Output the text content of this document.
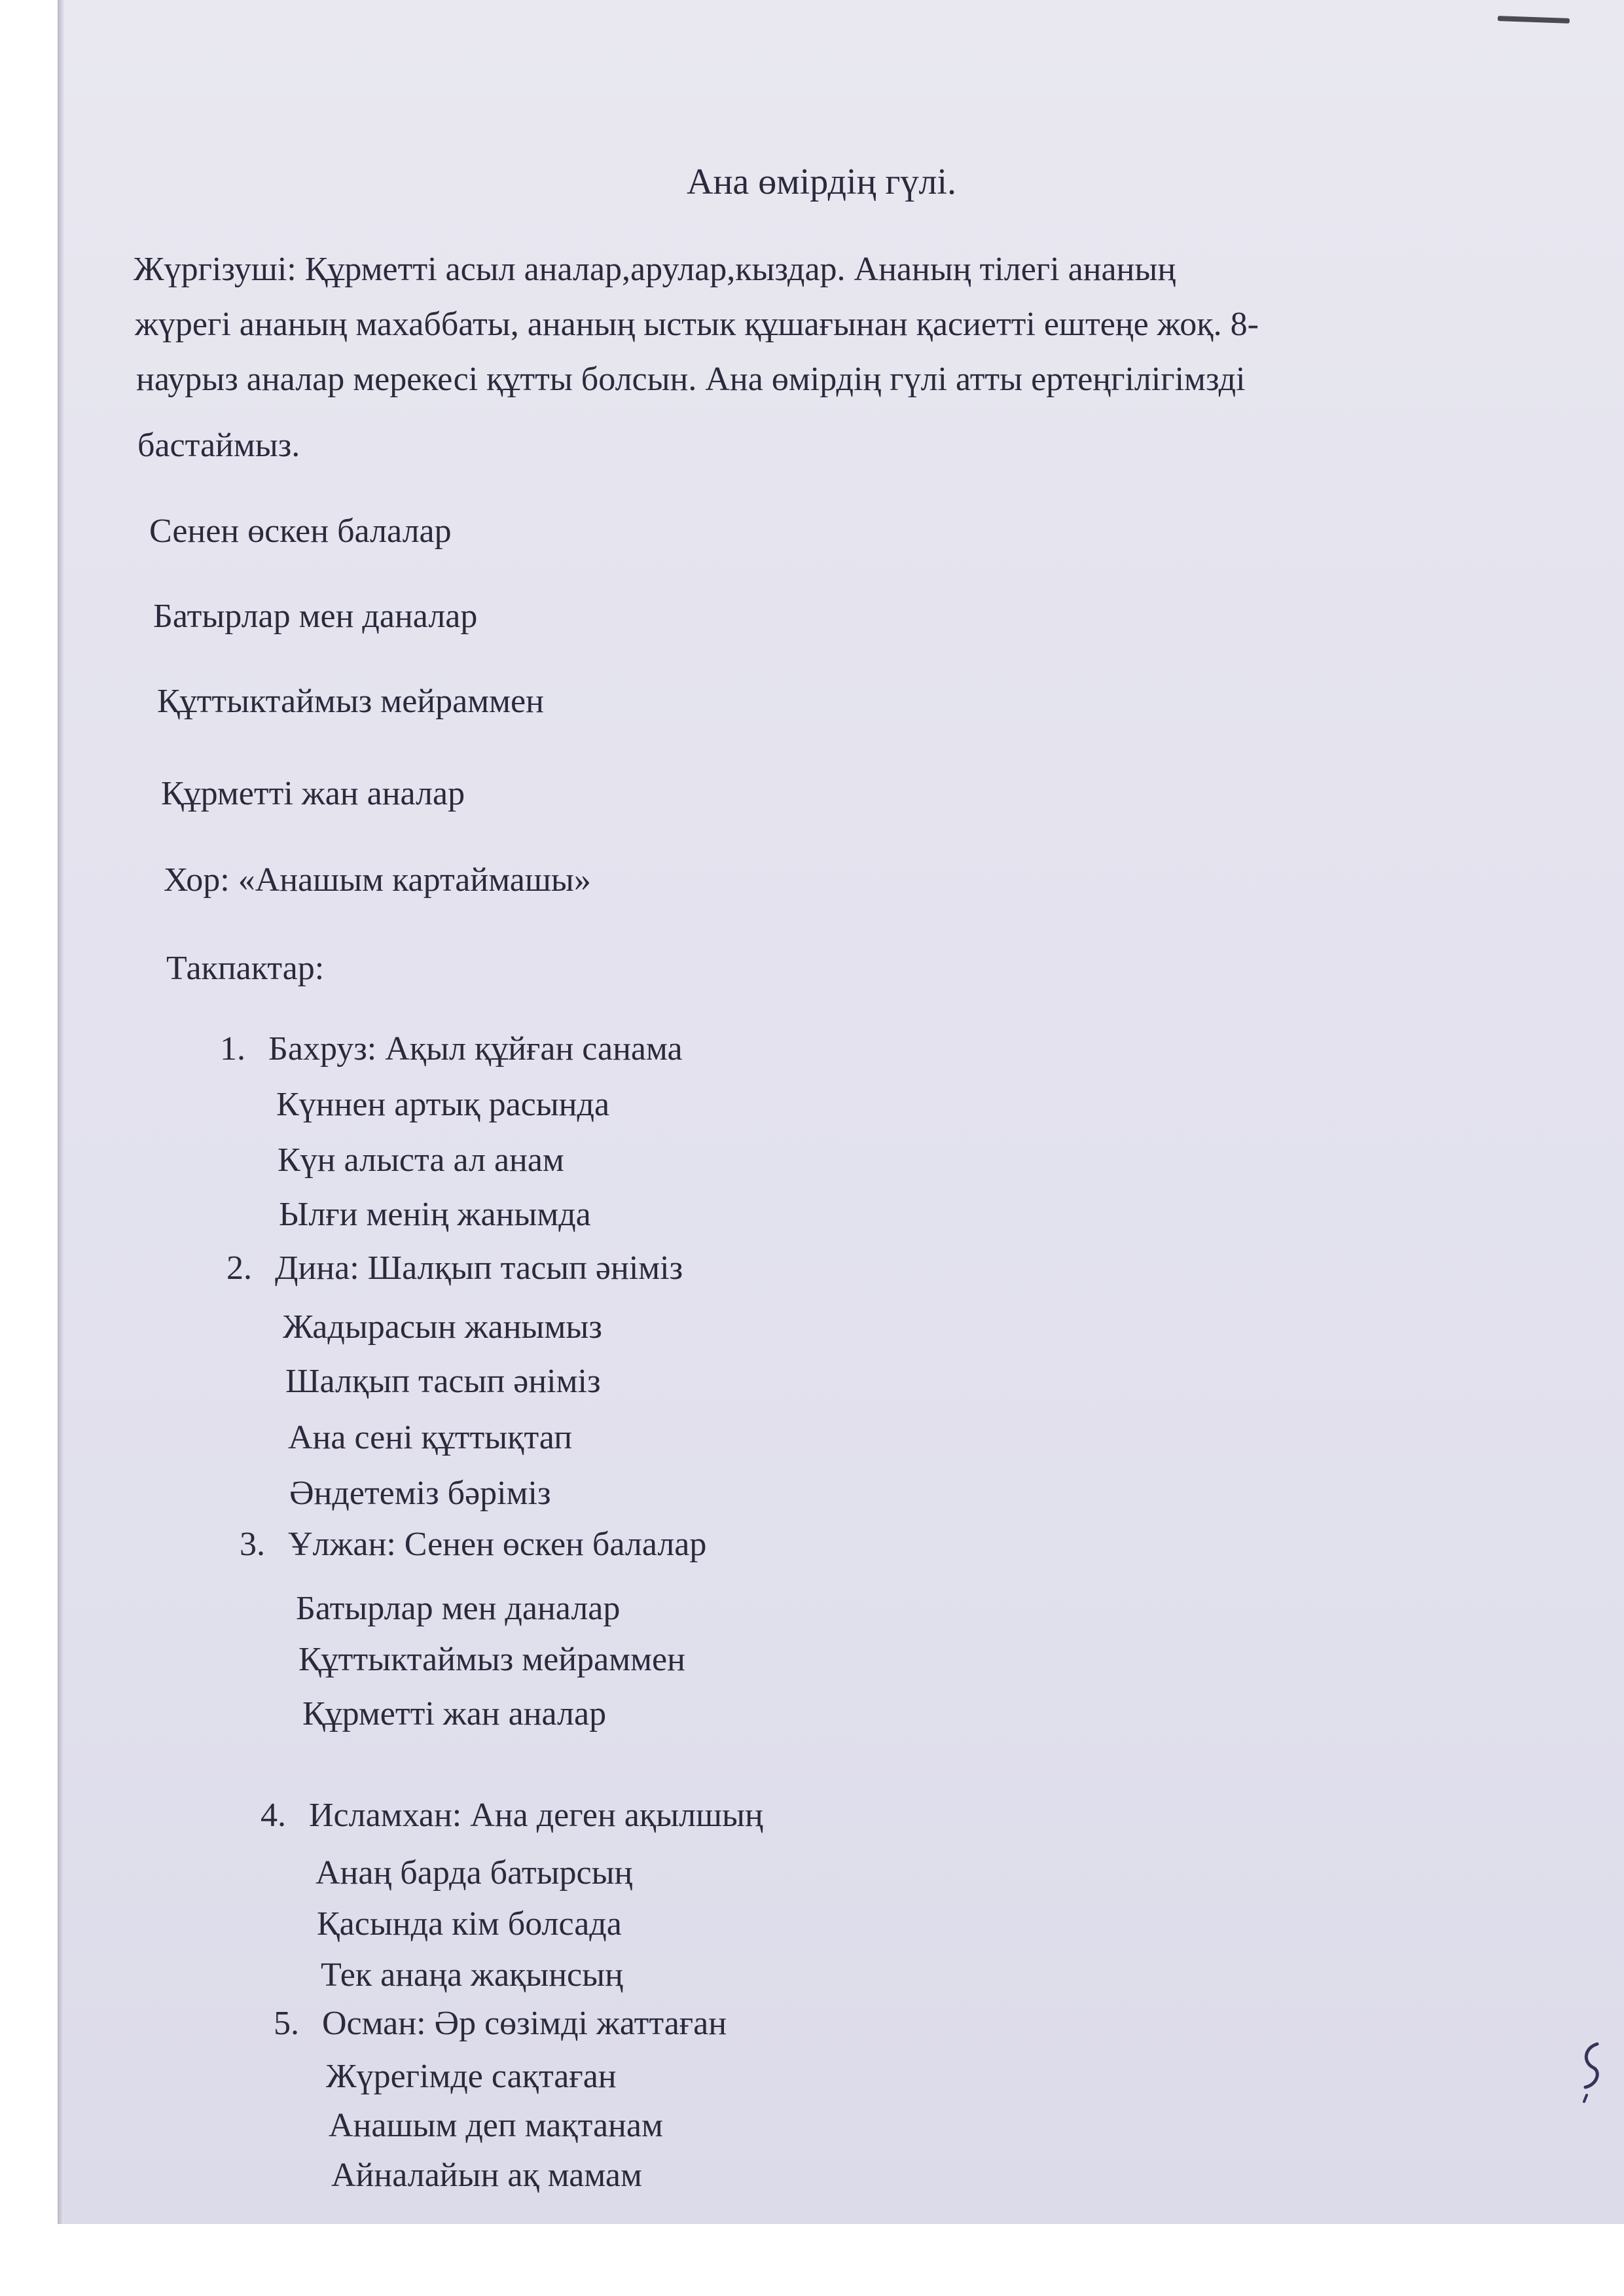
Ана өмірдің гүлі.
Жүргізуші: Құрметті асыл аналар,арулар,кыздар. Ананың тілегі ананың
жүрегі ананың махаббаты, ананың ыстык құшағынан қасиетті ештеңе жоқ. 8-
наурыз аналар мерекесі құтты болсын. Ана өмірдің гүлі атты ертеңгілігімзді
бастаймыз.
Сенен өскен балалар
Батырлар мен даналар
Құттыктаймыз мейраммен
Құрметті жан аналар
Хор: «Анашым картаймашы»
Такпактар:
1. Бахруз: Ақыл құйған санама
Күннен артық расында
Күн алыста ал анам
Ылғи менің жанымда
2. Дина: Шалқып тасып әніміз
Жадырасын жанымыз
Шалқып тасып әніміз
Ана сені құттықтап
Әндетеміз бәріміз
3. Ұлжан: Сенен өскен балалар
Батырлар мен даналар
Құттыктаймыз мейраммен
Құрметті жан аналар
4. Исламхан: Ана деген ақылшың
Анаң барда батырсың
Қасында кім болсада
Тек анаңа жақынсың
5. Осман: Әр сөзімді жаттаған
Жүрегімде сақтаған
Анашым деп мақтанам
Айналайын ақ мамам
